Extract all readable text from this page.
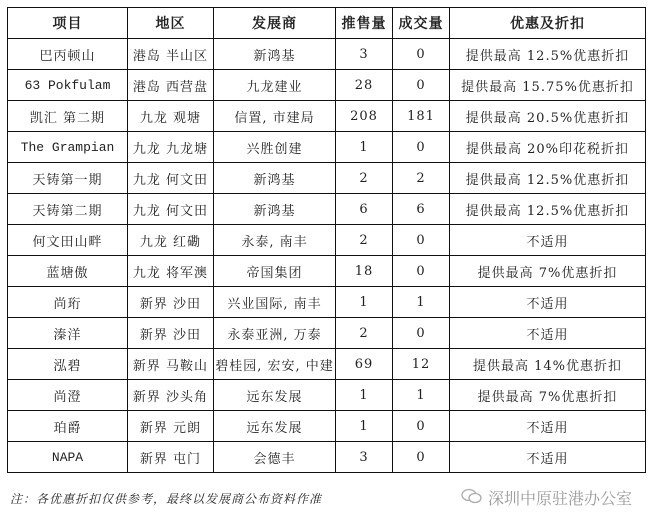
项目	地区	发展商	推售量	成交量	优惠及折扣
巴丙顿山	港岛 半山区	新鸿基	3	0	提供最高 12.5%优惠折扣
63 Pokfulam	港岛 西营盘	九龙建业	28	0	提供最高 15.75%优惠折扣
凯汇 第二期	九龙 观塘	信置, 市建局	208	181	提供最高 20.5%优惠折扣
The Grampian	九龙 九龙塘	兴胜创建	1	0	提供最高 20%印花税折扣
天铸第一期	九龙 何文田	新鸿基	2	2	提供最高 12.5%优惠折扣
天铸第二期	九龙 何文田	新鸿基	6	6	提供最高 12.5%优惠折扣
何文田山畔	九龙 红磡	永泰, 南丰	2	0	不适用
蓝塘傲	九龙 将军澳	帝国集团	18	0	提供最高 7%优惠折扣
尚珩	新界 沙田	兴业国际, 南丰	1	1	不适用
溱洋	新界 沙田	永泰亚洲, 万泰	2	0	不适用
泓碧	新界 马鞍山	碧桂园, 宏安, 中建	69	12	提供最高 14%优惠折扣
尚澄	新界 沙头角	远东发展	1	1	提供最高 7%优惠折扣
珀爵	新界 元朗	远东发展	1	0	不适用
NAPA	新界 屯门	会德丰	3	0	不适用
注：各优惠折扣仅供参考，最终以发展商公布资料作准	深圳中原驻港办公室
